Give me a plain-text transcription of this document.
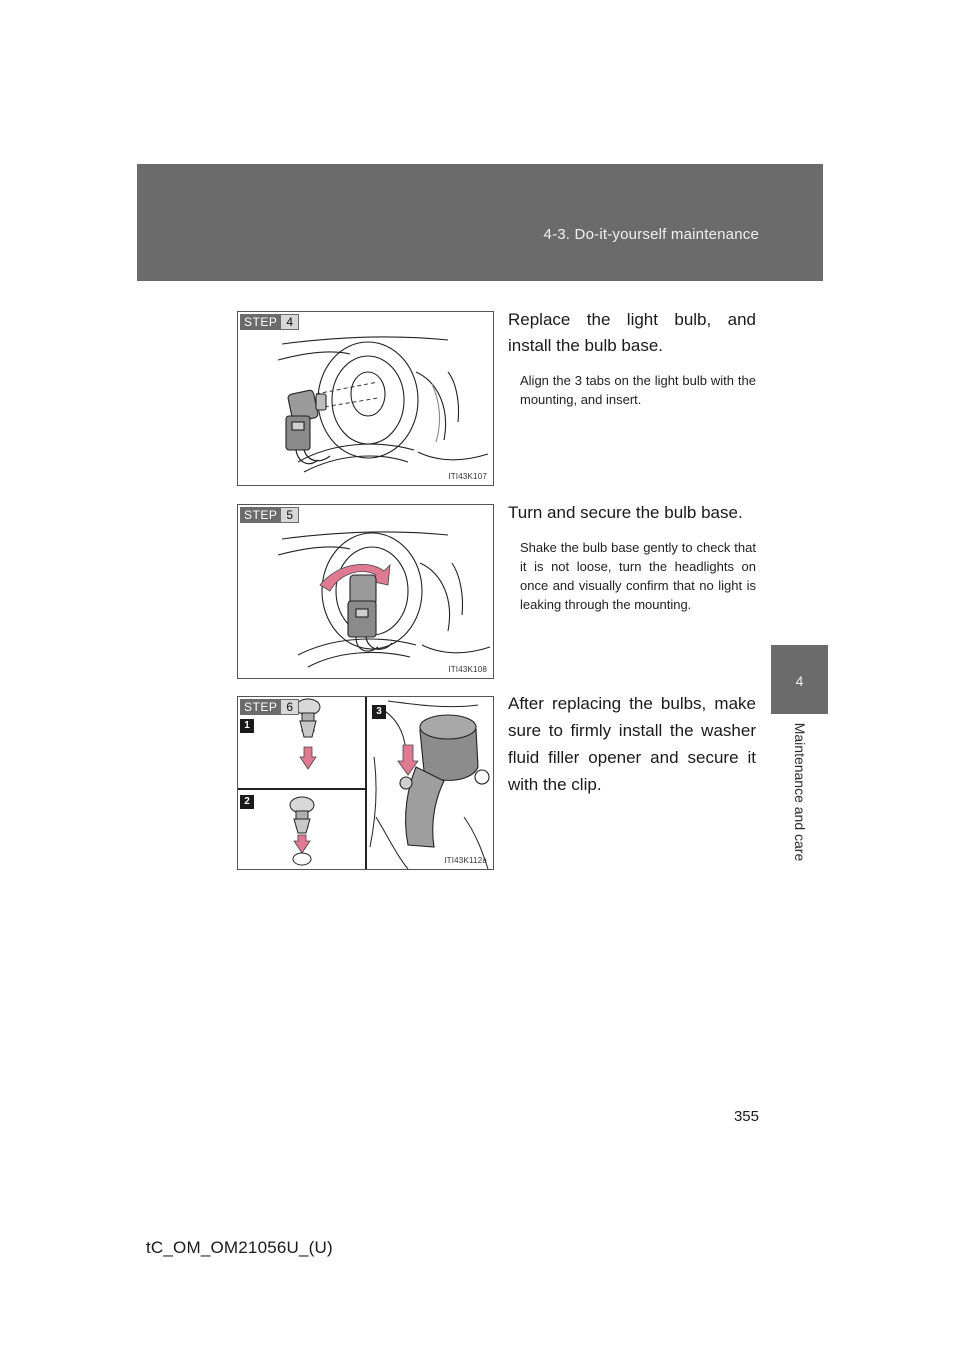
4-3. Do-it-yourself maintenance
4
Maintenance and care
STEP 4
ITI43K107

Replace the light bulb, and install the bulb base.

Align the 3 tabs on the light bulb with the mounting, and insert.

STEP 5
ITI43K108

Turn and secure the bulb base.

Shake the bulb base gently to check that it is not loose, turn the headlights on once and visually confirm that no light is leaking through the mounting.

STEP 6
1
2
3
ITI43K112a

After replacing the bulbs, make sure to firmly install the washer fluid filler opener and secure it with the clip.

355
tC_OM_OM21056U_(U)
